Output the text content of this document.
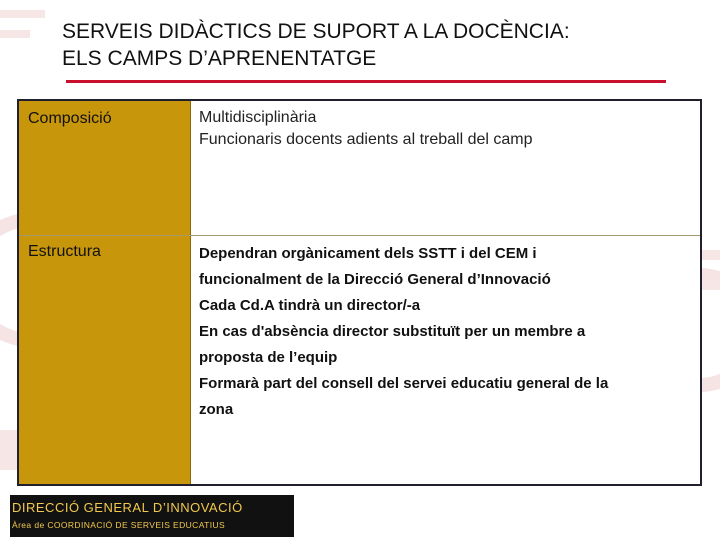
SERVEIS DIDÀCTICS DE SUPORT A LA DOCÈNCIA:
ELS CAMPS D’APRENENTATGE
Composició	Multidisciplinària
Funcionaris docents adients al treball del camp
Estructura	Dependran orgànicament dels SSTT i del CEM i
funcionalment de la Direcció General d’Innovació
Cada Cd.A tindrà un director/-a
En cas d'absència director substituït per un membre a
proposta de l’equip
Formarà part del consell del servei educatiu general de la
zona
DIRECCIÓ GENERAL D’INNOVACIÓ
Àrea de COORDINACIÓ DE SERVEIS EDUCATIUS
